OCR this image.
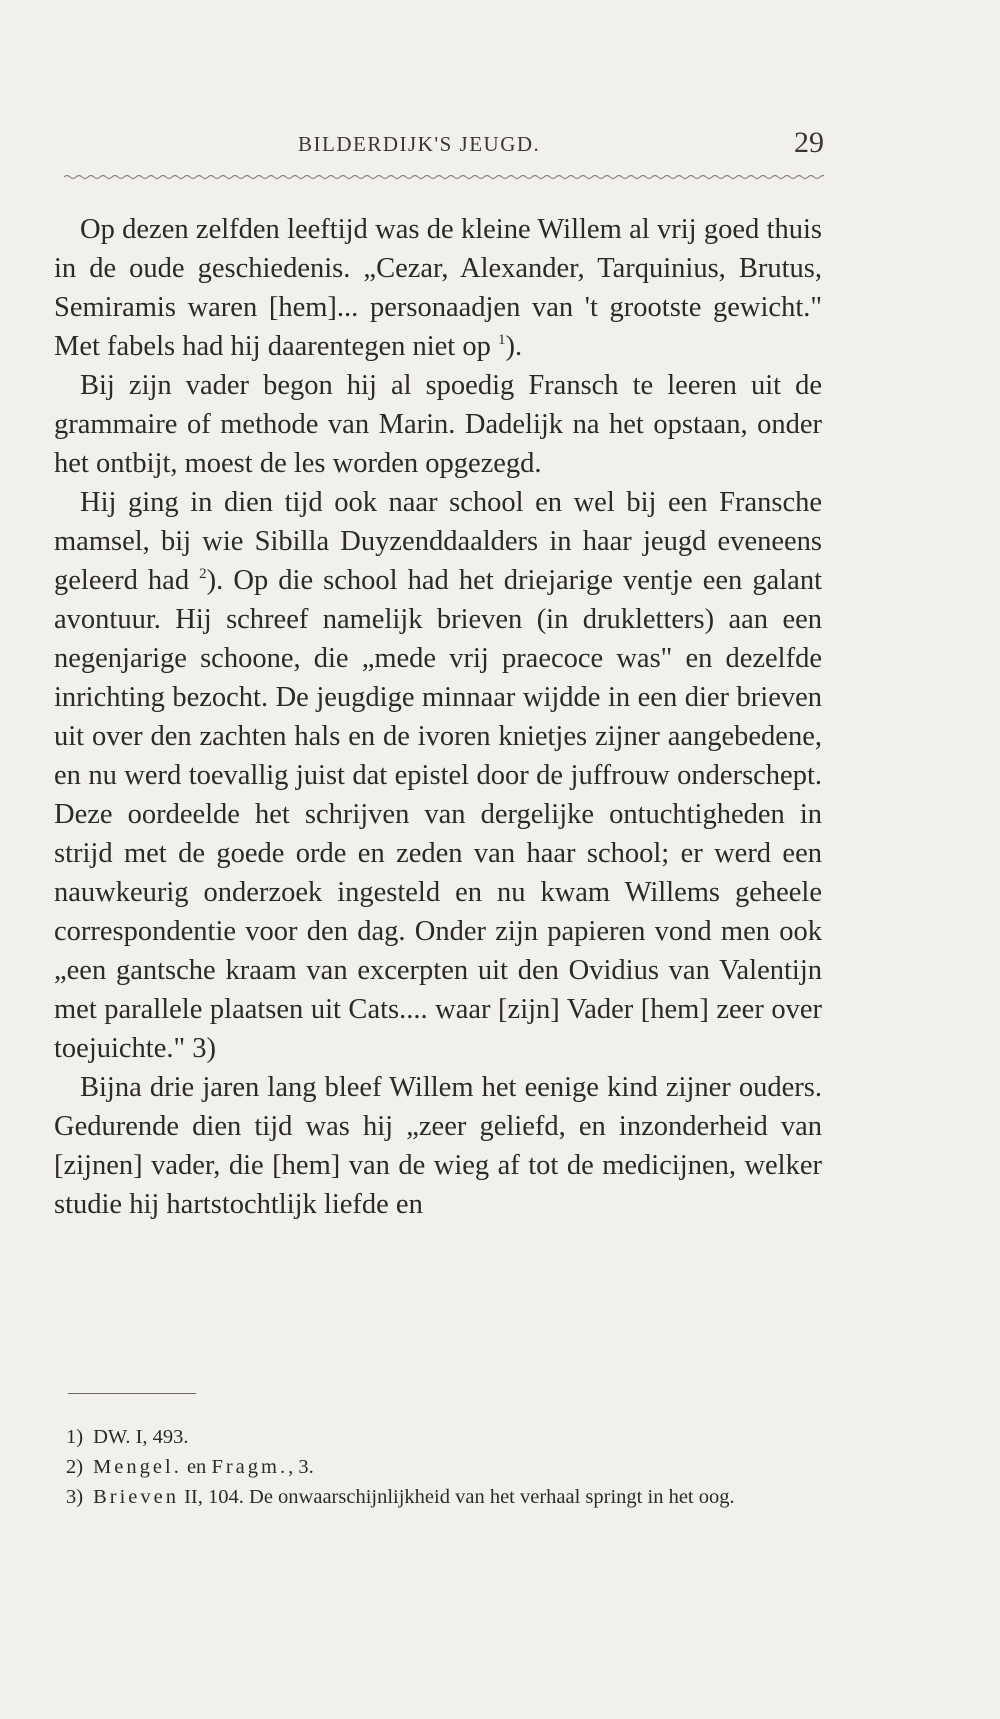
BILDERDIJK'S JEUGD.	29

Op dezen zelfden leeftijd was de kleine Willem al vrij goed thuis in de oude geschiedenis. „Cezar, Alexander, Tarquinius, Brutus, Semiramis waren [hem]... personaadjen van 't grootste gewicht." Met fabels had hij daarentegen niet op $^1$).

Bij zijn vader begon hij al spoedig Fransch te leeren uit de grammaire of methode van Marin. Dadelijk na het opstaan, onder het ontbijt, moest de les worden opgezegd.

Hij ging in dien tijd ook naar school en wel bij een Fransche mamsel, bij wie Sibilla Duyzenddaalders in haar jeugd eveneens geleerd had $^2$). Op die school had het driejarige ventje een galant avontuur. Hij schreef namelijk brieven (in drukletters) aan een negenjarige schoone, die „mede vrij praecoce was" en dezelfde inrichting bezocht. De jeugdige minnaar wijdde in een dier brieven uit over den zachten hals en de ivoren knietjes zijner aangebedene, en nu werd toevallig juist dat epistel door de juffrouw onderschept. Deze oordeelde het schrijven van dergelijke ontuchtigheden in strijd met de goede orde en zeden van haar school; er werd een nauwkeurig onderzoek ingesteld en nu kwam Willems geheele correspondentie voor den dag. Onder zijn papieren vond men ook „een gantsche kraam van excerpten uit den Ovidius van Valentijn met parallele plaatsen uit Cats.... waar [zijn] Vader [hem] zeer over toejuichte." 3)

Bijna drie jaren lang bleef Willem het eenige kind zijner ouders. Gedurende dien tijd was hij „zeer geliefd, en inzonderheid van [zijnen] vader, die [hem] van de wieg af tot de medicijnen, welker studie hij hartstochtlijk liefde en

1) DW. I, 493.

2) Mengel. en Fragm., 3.

3) Brieven II, 104. De onwaarschijnlijkheid van het verhaal springt in het oog.
